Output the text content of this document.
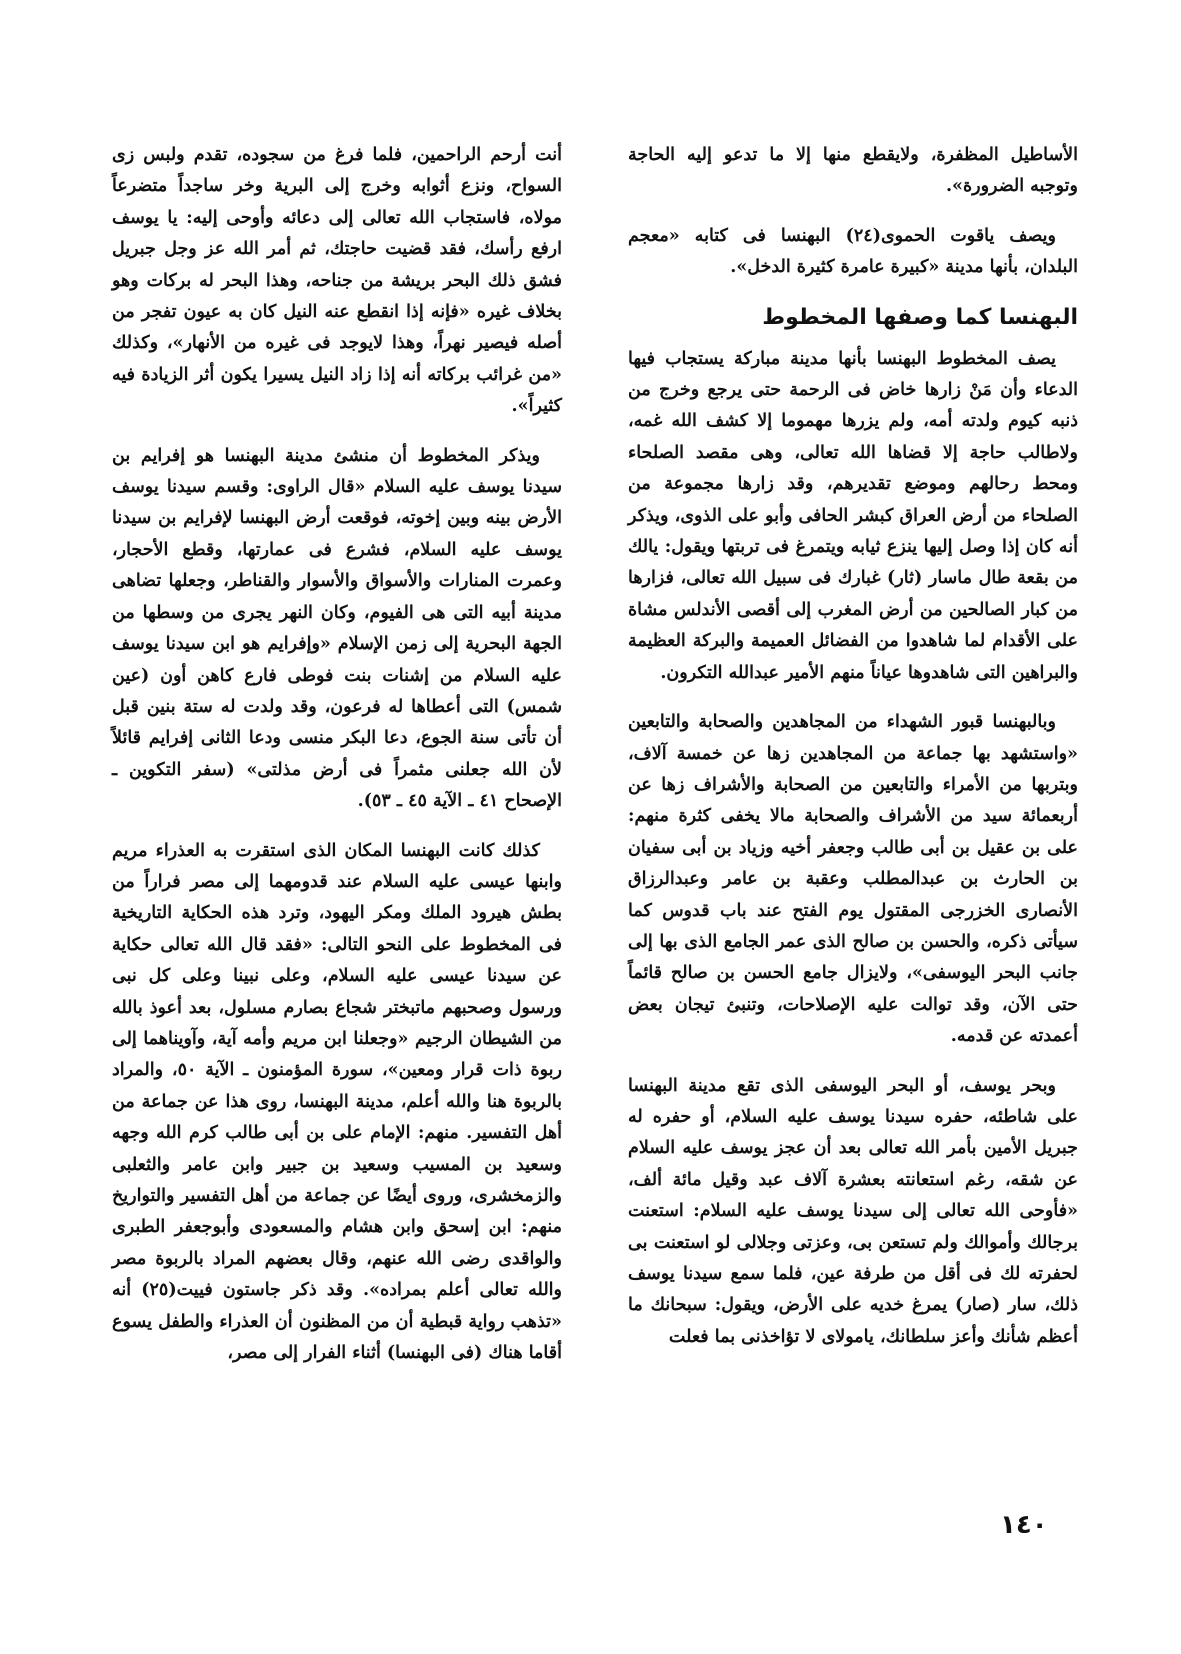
الأساطيل المظفرة، ولايقطع منها إلا ما تدعو إليه الحاجة وتوجبه الضرورة».

ويصف ياقوت الحموى(٢٤) البهنسا فى كتابه «معجم البلدان، بأنها مدينة «كبيرة عامرة كثيرة الدخل».

البهنسا كما وصفها المخطوط

يصف المخطوط البهنسا بأنها مدينة مباركة يستجاب فيها الدعاء وأن مَنْ زارها خاض فى الرحمة حتى يرجع وخرج من ذنبه كيوم ولدته أمه، ولم يزرها مهموما إلا كشف الله غمه، ولاطالب حاجة إلا قضاها الله تعالى، وهى مقصد الصلحاء ومحط رحالهم وموضع تقديرهم، وقد زارها مجموعة من الصلحاء من أرض العراق كبشر الحافى وأبو على الذوى، ويذكر أنه كان إذا وصل إليها ينزع ثيابه ويتمرغ فى تربتها ويقول: يالك من بقعة طال ماسار (ثار) غبارك فى سبيل الله تعالى، فزارها من كبار الصالحين من أرض المغرب إلى أقصى الأندلس مشاة على الأقدام لما شاهدوا من الفضائل العميمة والبركة العظيمة والبراهين التى شاهدوها عياناً منهم الأمير عبدالله التكرون.

وبالبهنسا قبور الشهداء من المجاهدين والصحابة والتابعين «واستشهد بها جماعة من المجاهدين زها عن خمسة آلاف، وبتربها من الأمراء والتابعين من الصحابة والأشراف زها عن أربعمائة سيد من الأشراف والصحابة مالا يخفى كثرة منهم: على بن عقيل بن أبى طالب وجعفر أخيه وزياد بن أبى سفيان بن الحارث بن عبدالمطلب وعقبة بن عامر وعبدالرزاق الأنصارى الخزرجى المقتول يوم الفتح عند باب قدوس كما سيأتى ذكره، والحسن بن صالح الذى عمر الجامع الذى بها إلى جانب البحر اليوسفى»، ولايزال جامع الحسن بن صالح قائماً حتى الآن، وقد توالت عليه الإصلاحات، وتنبئ تيجان بعض أعمدته عن قدمه.

وبحر يوسف، أو البحر اليوسفى الذى تقع مدينة البهنسا على شاطئه، حفره سيدنا يوسف عليه السلام، أو حفره له جبريل الأمين بأمر الله تعالى بعد أن عجز يوسف عليه السلام عن شقه، رغم استعانته بعشرة آلاف عبد وقيل مائة ألف، «فأوحى الله تعالى إلى سيدنا يوسف عليه السلام: استعنت برجالك وأموالك ولم تستعن بى، وعزتى وجلالى لو استعنت بى لحفرته لك فى أقل من طرفة عين، فلما سمع سيدنا يوسف ذلك، سار (صار) يمرغ خديه على الأرض، ويقول: سبحانك ما أعظم شأنك وأعز سلطانك، يامولاى لا تؤاخذنى بما فعلت

أنت أرحم الراحمين، فلما فرغ من سجوده، تقدم ولبس زى السواح، ونزع أثوابه وخرج إلى البرية وخر ساجداً متضرعاً مولاه، فاستجاب الله تعالى إلى دعائه وأوحى إليه: يا يوسف ارفع رأسك، فقد قضيت حاجتك، ثم أمر الله عز وجل جبريل فشق ذلك البحر بريشة من جناحه، وهذا البحر له بركات وهو بخلاف غيره «فإنه إذا انقطع عنه النيل كان به عيون تفجر من أصله فيصير نهراً، وهذا لايوجد فى غيره من الأنهار»، وكذلك «من غرائب بركاته أنه إذا زاد النيل يسيرا يكون أثر الزيادة فيه كثيراً».

ويذكر المخطوط أن منشئ مدينة البهنسا هو إفرايم بن سيدنا يوسف عليه السلام «قال الراوى: وقسم سيدنا يوسف الأرض بينه وبين إخوته، فوقعت أرض البهنسا لإفرايم بن سيدنا يوسف عليه السلام، فشرع فى عمارتها، وقطع الأحجار، وعمرت المنارات والأسواق والأسوار والقناطر، وجعلها تضاهى مدينة أبيه التى هى الفيوم، وكان النهر يجرى من وسطها من الجهة البحرية إلى زمن الإسلام «وإفرايم هو ابن سيدنا يوسف عليه السلام من إشنات بنت فوطى فارع كاهن أون (عين شمس) التى أعطاها له فرعون، وقد ولدت له ستة بنين قبل أن تأتى سنة الجوع، دعا البكر منسى ودعا الثانى إفرايم قائلاً لأن الله جعلنى مثمراً فى أرض مذلتى» (سفر التكوين ـ الإصحاح ٤١ ـ الآية ٤٥ ـ ٥٣).

كذلك كانت البهنسا المكان الذى استقرت به العذراء مريم وابنها عيسى عليه السلام عند قدومهما إلى مصر فراراً من بطش هيرود الملك ومكر اليهود، وترد هذه الحكاية التاريخية فى المخطوط على النحو التالى: «فقد قال الله تعالى حكاية عن سيدنا عيسى عليه السلام، وعلى نبينا وعلى كل نبى ورسول وصحبهم ماتبختر شجاع بصارم مسلول، بعد أعوذ بالله من الشيطان الرجيم «وجعلنا ابن مريم وأمه آية، وآويناهما إلى ربوة ذات قرار ومعين»، سورة المؤمنون ـ الآية ٥٠، والمراد بالربوة هنا والله أعلم، مدينة البهنسا، روى هذا عن جماعة من أهل التفسير. منهم: الإمام على بن أبى طالب كرم الله وجهه وسعيد بن المسيب وسعيد بن جبير وابن عامر والثعلبى والزمخشرى، وروى أيضًا عن جماعة من أهل التفسير والتواريخ منهم: ابن إسحق وابن هشام والمسعودى وأبوجعفر الطبرى والواقدى رضى الله عنهم، وقال بعضهم المراد بالربوة مصر والله تعالى أعلم بمراده». وقد ذكر جاستون فييت(٢٥) أنه «تذهب رواية قبطية أن من المظنون أن العذراء والطفل يسوع أقاما هناك (فى البهنسا) أثناء الفرار إلى مصر،

١٤٠
